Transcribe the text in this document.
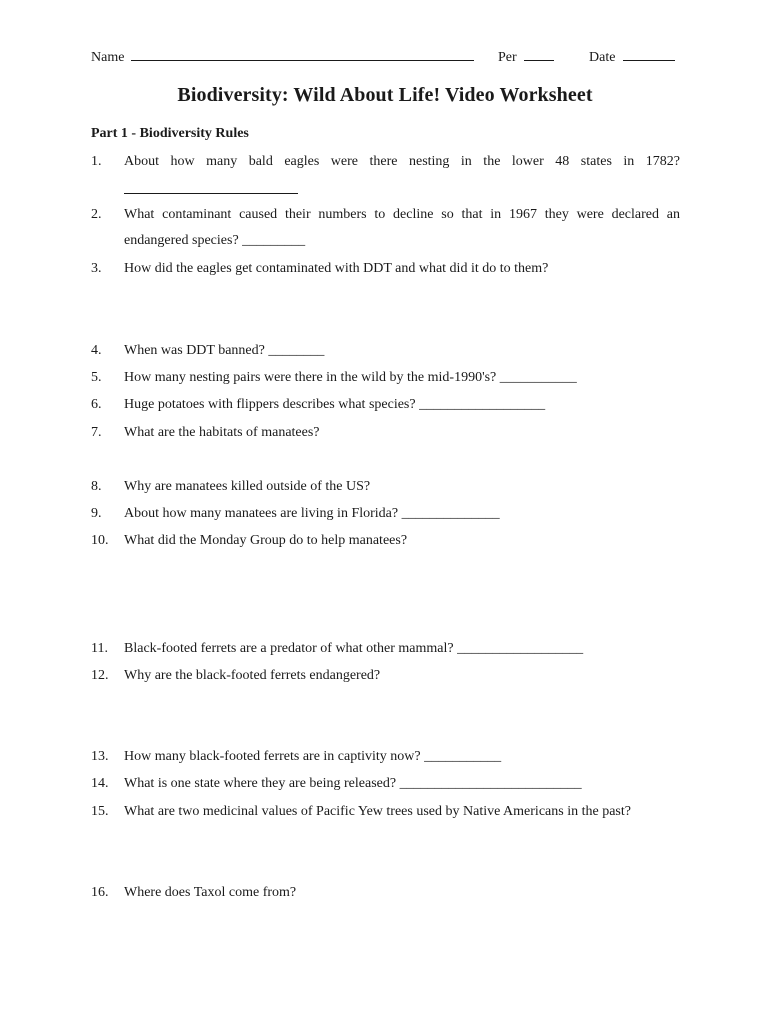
Name	Per	Date
Biodiversity: Wild About Life! Video Worksheet
Part 1 - Biodiversity Rules
1. About how many bald eagles were there nesting in the lower 48 states in 1782?
2. What contaminant caused their numbers to decline so that in 1967 they were declared an
endangered species? _________
3. How did the eagles get contaminated with DDT and what did it do to them?
4. When was DDT banned? ________
5. How many nesting pairs were there in the wild by the mid-1990's? ___________
6. Huge potatoes with flippers describes what species? __________________
7. What are the habitats of manatees?
8. Why are manatees killed outside of the US?
9. About how many manatees are living in Florida? ______________
10. What did the Monday Group do to help manatees?
11. Black-footed ferrets are a predator of what other mammal? __________________
12. Why are the black-footed ferrets endangered?
13. How many black-footed ferrets are in captivity now? ___________
14. What is one state where they are being released? __________________________
15. What are two medicinal values of Pacific Yew trees used by Native Americans in the past?
16. Where does Taxol come from?
